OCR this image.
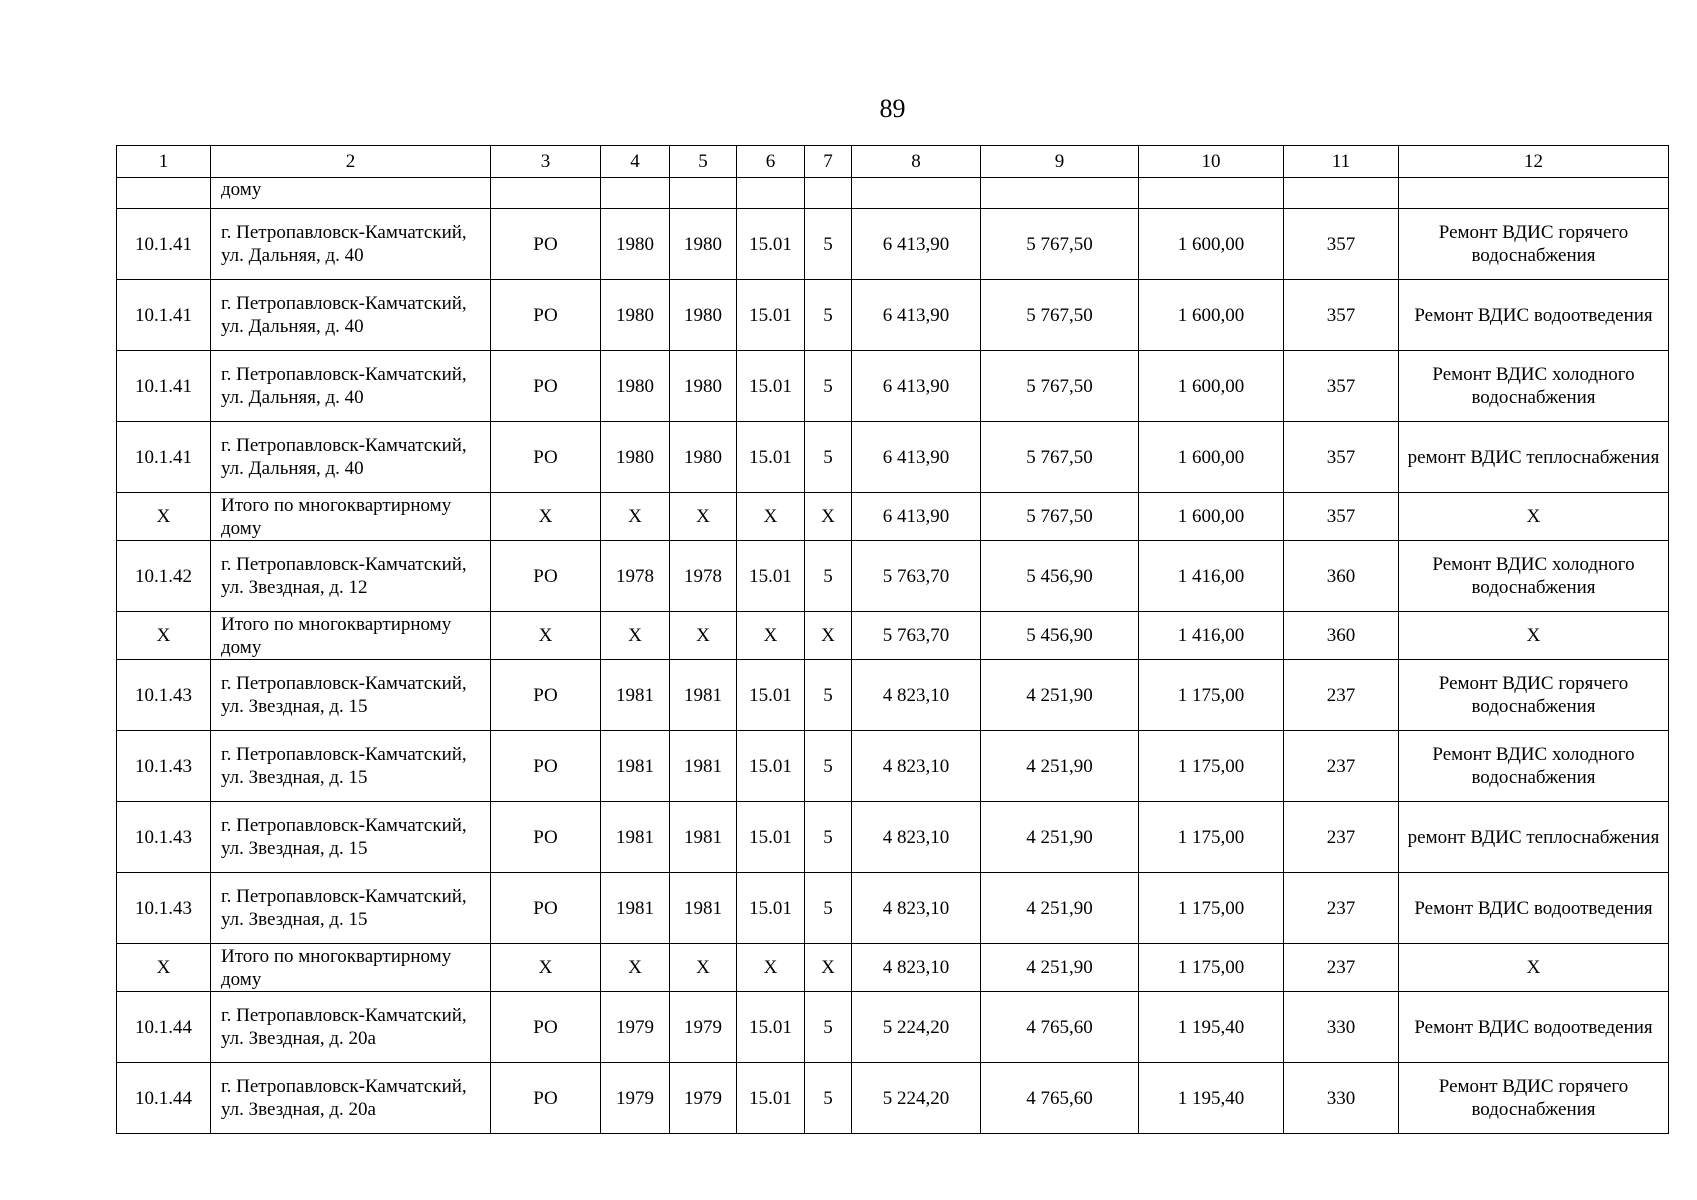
89
1	2	3	4	5	6	7	8	9	10	11	12
	дому										
10.1.41	г. Петропавловск-Камчатский, ул. Дальняя, д. 40	РО	1980	1980	15.01	5	6 413,90	5 767,50	1 600,00	357	Ремонт ВДИС горячего водоснабжения
10.1.41	г. Петропавловск-Камчатский, ул. Дальняя, д. 40	РО	1980	1980	15.01	5	6 413,90	5 767,50	1 600,00	357	Ремонт ВДИС водоотведения
10.1.41	г. Петропавловск-Камчатский, ул. Дальняя, д. 40	РО	1980	1980	15.01	5	6 413,90	5 767,50	1 600,00	357	Ремонт ВДИС холодного водоснабжения
10.1.41	г. Петропавловск-Камчатский, ул. Дальняя, д. 40	РО	1980	1980	15.01	5	6 413,90	5 767,50	1 600,00	357	ремонт ВДИС теплоснабжения
X	Итого по многоквартирному дому	X	X	X	X	X	6 413,90	5 767,50	1 600,00	357	X
10.1.42	г. Петропавловск-Камчатский, ул. Звездная, д. 12	РО	1978	1978	15.01	5	5 763,70	5 456,90	1 416,00	360	Ремонт ВДИС холодного водоснабжения
X	Итого по многоквартирному дому	X	X	X	X	X	5 763,70	5 456,90	1 416,00	360	X
10.1.43	г. Петропавловск-Камчатский, ул. Звездная, д. 15	РО	1981	1981	15.01	5	4 823,10	4 251,90	1 175,00	237	Ремонт ВДИС горячего водоснабжения
10.1.43	г. Петропавловск-Камчатский, ул. Звездная, д. 15	РО	1981	1981	15.01	5	4 823,10	4 251,90	1 175,00	237	Ремонт ВДИС холодного водоснабжения
10.1.43	г. Петропавловск-Камчатский, ул. Звездная, д. 15	РО	1981	1981	15.01	5	4 823,10	4 251,90	1 175,00	237	ремонт ВДИС теплоснабжения
10.1.43	г. Петропавловск-Камчатский, ул. Звездная, д. 15	РО	1981	1981	15.01	5	4 823,10	4 251,90	1 175,00	237	Ремонт ВДИС водоотведения
X	Итого по многоквартирному дому	X	X	X	X	X	4 823,10	4 251,90	1 175,00	237	X
10.1.44	г. Петропавловск-Камчатский, ул. Звездная, д. 20а	РО	1979	1979	15.01	5	5 224,20	4 765,60	1 195,40	330	Ремонт ВДИС водоотведения
10.1.44	г. Петропавловск-Камчатский, ул. Звездная, д. 20а	РО	1979	1979	15.01	5	5 224,20	4 765,60	1 195,40	330	Ремонт ВДИС горячего водоснабжения
